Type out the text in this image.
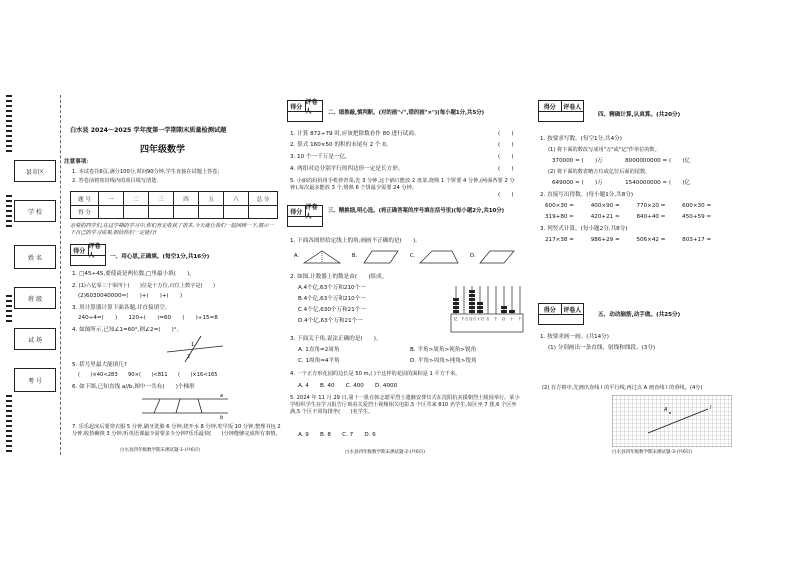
县市区
学 校
姓 名
班 级
试 场
考 号
白水县 2024～2025 学年度第一学期期末质量检测试题
四年级数学
注意事项：
1. 本试卷共6页,满分100分,时间90分钟,学生直接在试题上答卷;
2. 答卷前将密封线内的项目填写清楚.
题 号	一	二	三	四	五	六	总 分
得 分
亲爱的同学们,在这学期的学习中,你们肯定收获了很多,今天就让我们一起回顾一下,展示一下自己的学习成果,相信你们一定能行!
得分
评卷人	一、用心思,正确填。(每空1分,共16分)
1. □45÷45,要使商是两位数,□里最小填(　　)。
2. (1)六亿零三千零四十(　　)位是十万位,百位上数字是(　　)
(2)6030040000≈(　　)+(　　)+(　　)
3. 用计算器计算下面各题,并直接填空。
240÷4=(　　)　　120÷(　　)=60　　(　　)÷15=8
4. 如图所示,已知∠1=60°,则∠2=(　　)°。
1
2
5. 括号里最大能填几?
(　　)×40<283　　90×(　　)<811　　(　　)×16<165
6. 如下图,已知直线 a//b,图中一共有(　　)个梯形
a
b
7. 乐乐起床后要穿衣服 5 分钟,刷牙洗脸 6 分钟,烧开水 8 分钟,吃早饭 10 分钟,整理书包 2 分钟,收拾碗筷 3 分钟,听英语课最少需要多少分钟?乐乐最快(　　)分钟能够完成所有事情。
白水县四年级数学期末测试题-1-(共6页)
得分
评卷人	二、细推敲,慎判断。(对的画"√",错的画"×")(每小题1分,共5分)
1. 计算 872÷79 时,应该把除数看作 80 进行试商。	(　　)
2. 算式 160×50 的积的末尾有 2 个 0。	(　　)
3. 10 个一千万是一亿。	(　　)
4. 两组对边分别平行的四边形一定是长方形。	(　　)
5. 小丽的妈妈用手机炒青菜,先 3 分钟,这个锅只能放 2 盘菜,烧熟 1 个饼要 4 分钟,(两面各要 2 分钟),每次最多能放 3 个,烙熟 6 个饼最少需要 24 分钟。
(　　)
得分
评卷人
三、精挑细,明心选。(将正确答案的序号填在括号里)(每小题2分,共10分)
1. 下面各图形给定线上的角,画画不正确的是(　　)。
A.	B.	C.	D.
2. 如图,计数器上的数是由(　　)组成。
A.4个亿,63个万和210个一
B.4个亿,63个万和210个一
C.4个亿,630个万和21个一
D.4个亿,63个万和21个一	亿 千万 百万 十万 万 千 百 十 个
3. 下面关于角,说法正确的是(　　)。
A. 1直角=2周角	B. 平角>周角>钝角>锐角
C. 1周角=4平角	D. 平角>周角>钝角>锐角
4. 一个正方形花园的边长是 50 m,( )个这样的花园的面积是 1 平方千米。
A. 4　　B. 40　　C. 400　　D. 4000
5. 2024 年 11 月 29 日,第十一批在韩志愿军烈士遗骸安葬仪式在沈阳抗美援朝烈士陵园举行。某小学组织学生在学习报告厅观看关爱烈士视频相关电影,5 个区共来 810 名学生,每区坐 7 排,6 个区坐满,5 个区不同每排坐(　　)名学生。
A. 9　　B. 8　　C. 7　　D. 6
白水县四年级数学期末测试题-2-(共6页)
得分	评卷人
四、精确计算,认真算。(共20分)
1. 按要求写数。(每空1分,共4分)
(1) 将下面的数改写成用"万"或"亿"作单位的数。
370000 = (　　)万　　　　8000000000 = (　　)亿
(2) 将下面的数省略万位或亿位后面的尾数。
649000 ≈ (　　)万　　　　1540000000 ≈ (　　)亿
2. 直接写出得数。(每小题1分,共8分)
600×30 =　　　400×90 =　　　770×20 =　　　600×30 =
319+80 ≈　　　420+21 ≈　　　840+40 ≈　　　450+59 ≈
3. 列竖式计算。(每小题2分,共8分)
217×38 =　　　986+29 =　　　506×42 =　　　803+17 =
得分	评卷人
五、动动脑筋,动手做。(共25分)
1. 按要求画一画。(共14分)
(1) 分别画出一条直线、射线和线段。(3分)
(2) 在方格中,先画出直线 l 的平行线,再过点 A 画直线 l 的垂线。(4分)
A	l
白水县四年级数学期末测试题-3-(共6页)
